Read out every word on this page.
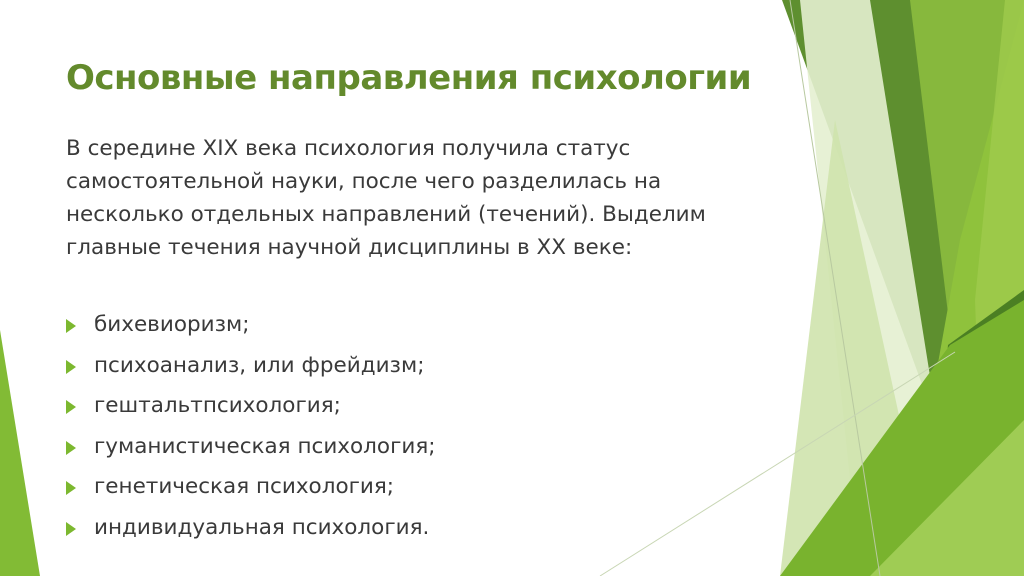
Основные направления психологии

В середине XIX века психология получила статус самостоятельной науки, после чего разделилась на несколько отдельных направлений (течений). Выделим главные течения научной дисциплины в XX веке:

бихевиоризм;
психоанализ, или фрейдизм;
гештальтпсихология;
гуманистическая психология;
генетическая психология;
индивидуальная психология.
